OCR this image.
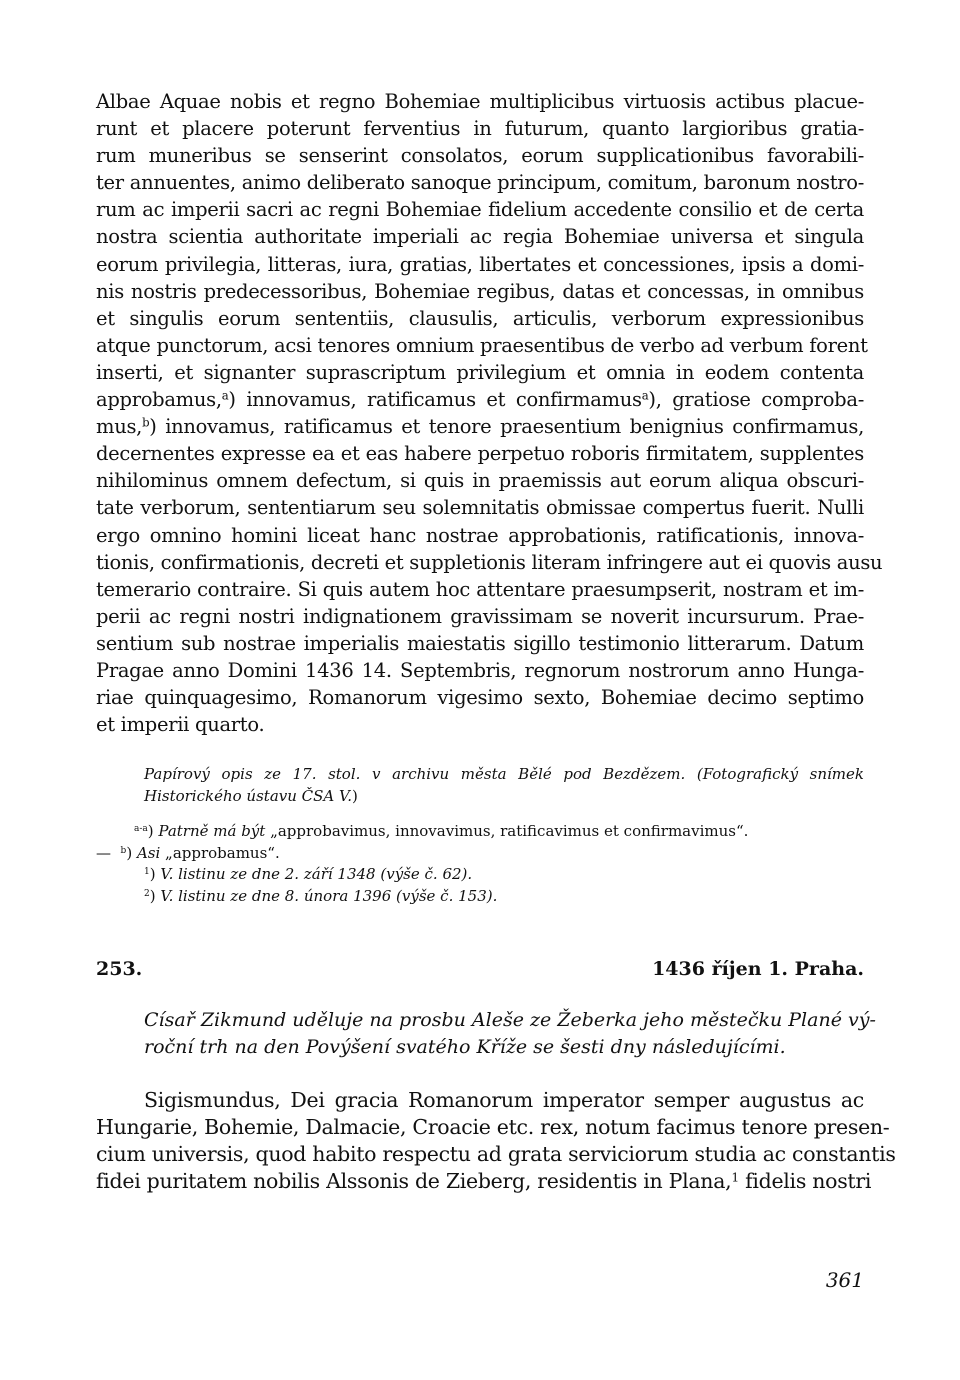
Albae Aquae nobis et regno Bohemiae multiplicibus virtuosis actibus placue-
runt et placere poterunt ferventius in futurum, quanto largioribus gratia-
rum muneribus se senserint consolatos, eorum supplicationibus favorabili-
ter annuentes, animo deliberato sanoque principum, comitum, baronum nostro-
rum ac imperii sacri ac regni Bohemiae fidelium accedente consilio et de certa
nostra scientia authoritate imperiali ac regia Bohemiae universa et singula
eorum privilegia, litteras, iura, gratias, libertates et concessiones, ipsis a domi-
nis nostris predecessoribus, Bohemiae regibus, datas et concessas, in omnibus
et singulis eorum sententiis, clausulis, articulis, verborum expressionibus
atque punctorum, acsi tenores omnium praesentibus de verbo ad verbum forent
inserti, et signanter suprascriptum privilegium et omnia in eodem contenta
approbamus,$^a$) innovamus, ratificamus et confirmamus$^a$), gratiose comproba-
mus,$^b$) innovamus, ratificamus et tenore praesentium benignius confirmamus,
decernentes expresse ea et eas habere perpetuo roboris firmitatem, supplentes
nihilominus omnem defectum, si quis in praemissis aut eorum aliqua obscuri-
tate verborum, sententiarum seu solemnitatis obmissae compertus fuerit. Nulli
ergo omnino homini liceat hanc nostrae approbationis, ratificationis, innova-
tionis, confirmationis, decreti et suppletionis literam infringere aut ei quovis ausu
temerario contraire. Si quis autem hoc attentare praesumpserit, nostram et im-
perii ac regni nostri indignationem gravissimam se noverit incursurum. Prae-
sentium sub nostrae imperialis maiestatis sigillo testimonio litterarum. Datum
Pragae anno Domini 1436 14. Septembris, regnorum nostrorum anno Hunga-
riae quinquagesimo, Romanorum vigesimo sexto, Bohemiae decimo septimo
et imperii quarto.
Papírový opis ze 17. stol. v archivu města Bělé pod Bezdězem. (Fotografický snímek
Historického ústavu ČSA V.)
$^{a-a}$) Patrně má být „approbavimus, innovavimus, ratificavimus et confirmavimus“.
— $^b$) Asi „approbamus“.
$^1$) V. listinu ze dne 2. září 1348 (výše č. 62).
$^2$) V. listinu ze dne 8. února 1396 (výše č. 153).
253.	1436 říjen 1. Praha.
Císař Zikmund uděluje na prosbu Aleše ze Žeberka jeho městečku Plané vý-
roční trh na den Povýšení svatého Kříže se šesti dny následujícími.
Sigismundus, Dei gracia Romanorum imperator semper augustus ac
Hungarie, Bohemie, Dalmacie, Croacie etc. rex, notum facimus tenore presen-
cium universis, quod habito respectu ad grata serviciorum studia ac constantis
fidei puritatem nobilis Alssonis de Zieberg, residentis in Plana,$^1$ fidelis nostri
361
